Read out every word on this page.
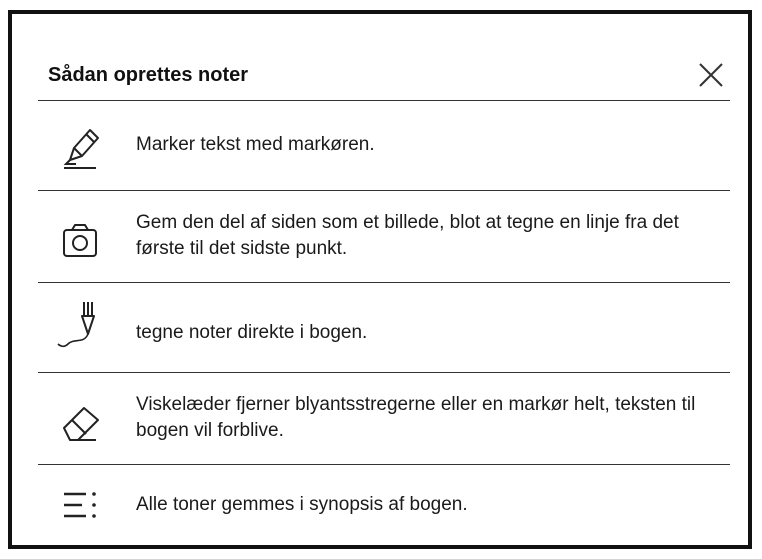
Sådan oprettes noter
Marker tekst med markøren.
Gem den del af siden som et billede, blot at tegne en linje fra det første til det sidste punkt.
tegne noter direkte i bogen.
Viskelæder fjerner blyantsstregerne eller en markør helt, teksten til bogen vil forblive.
Alle toner gemmes i synopsis af bogen.
